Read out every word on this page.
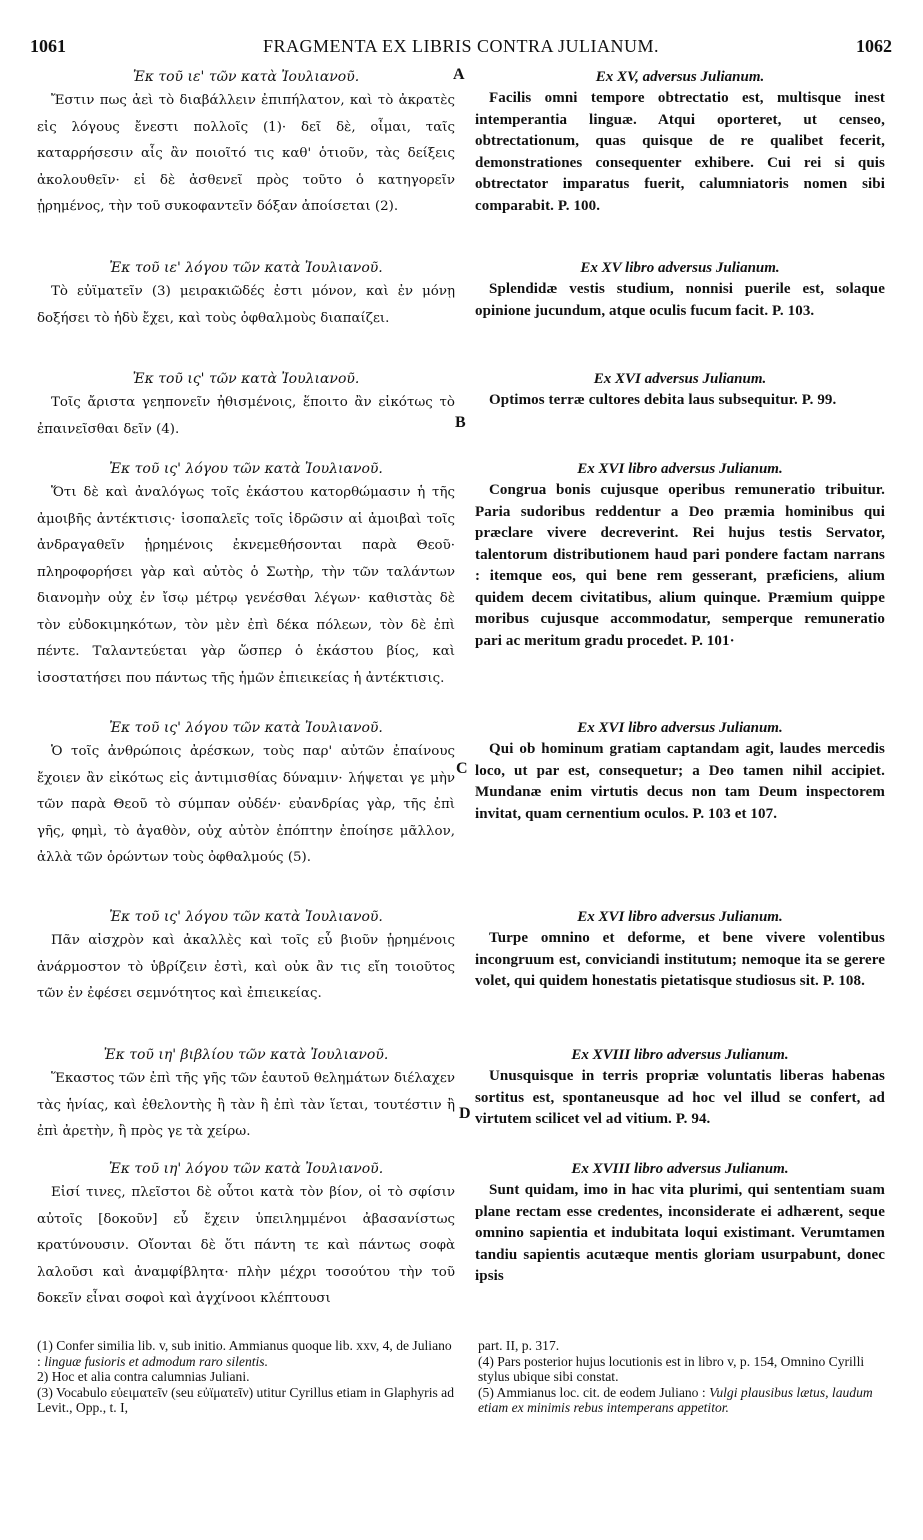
1061	FRAGMENTA EX LIBRIS CONTRA JULIANUM.	1062
A
B
C
D

Ἐκ τοῦ ιε' τῶν κατὰ Ἰουλιανοῦ.

Ἔστιν πως ἀεὶ τὸ διαβάλλειν ἐπιπήλατον, καὶ τὸ ἀκρατὲς εἰς λόγους ἔνεστι πολλοῖς (1)· δεῖ δὲ, οἶμαι, ταῖς καταρρήσεσιν αἷς ἂν ποιοῖτό τις καθ' ὁτιοῦν, τὰς δείξεις ἀκολουθεῖν· εἰ δὲ ἀσθενεῖ πρὸς τοῦτο ὁ κατηγορεῖν ᾑρημένος, τὴν τοῦ συκοφαντεῖν δόξαν ἀποίσεται (2).

Ἐκ τοῦ ιε' λόγου τῶν κατὰ Ἰουλιανοῦ.

Τὸ εὐϊματεῖν (3) μειρακιῶδές ἐστι μόνον, καὶ ἐν μόνῃ δοξήσει τὸ ἡδὺ ἔχει, καὶ τοὺς ὀφθαλμοὺς διαπαίζει.

Ἐκ τοῦ ις' τῶν κατὰ Ἰουλιανοῦ.

Τοῖς ἄριστα γεηπονεῖν ἠθισμένοις, ἕποιτο ἂν εἰκότως τὸ ἐπαινεῖσθαι δεῖν (4).

Ἐκ τοῦ ις' λόγου τῶν κατὰ Ἰουλιανοῦ.

Ὅτι δὲ καὶ ἀναλόγως τοῖς ἑκάστου κατορθώμασιν ἡ τῆς ἀμοιβῆς ἀντέκτισις· ἰσοπαλεῖς τοῖς ἱδρῶσιν αἱ ἀμοιβαὶ τοῖς ἀνδραγαθεῖν ᾑρημένοις ἐκνεμεθήσονται παρὰ Θεοῦ· πληροφορήσει γὰρ καὶ αὐτὸς ὁ Σωτὴρ, τὴν τῶν ταλάντων διανομὴν οὐχ ἐν ἴσῳ μέτρῳ γενέσθαι λέγων· καθιστὰς δὲ τὸν εὐδοκιμηκότων, τὸν μὲν ἐπὶ δέκα πόλεων, τὸν δὲ ἐπὶ πέντε. Ταλαντεύεται γὰρ ὥσπερ ὁ ἑκάστου βίος, καὶ ἰσοστατήσει που πάντως τῆς ἡμῶν ἐπιεικείας ἡ ἀντέκτισις.

Ἐκ τοῦ ις' λόγου τῶν κατὰ Ἰουλιανοῦ.

Ὁ τοῖς ἀνθρώποις ἀρέσκων, τοὺς παρ' αὐτῶν ἐπαίνους ἔχοιεν ἂν εἰκότως εἰς ἀντιμισθίας δύναμιν· λήψεται γε μὴν τῶν παρὰ Θεοῦ τὸ σύμπαν οὐδέν· εὐανδρίας γὰρ, τῆς ἐπὶ γῆς, φημὶ, τὸ ἀγαθὸν, οὐχ αὐτὸν ἐπόπτην ἐποίησε μᾶλλον, ἀλλὰ τῶν ὁρώντων τοὺς ὀφθαλμούς (5).

Ἐκ τοῦ ις' λόγου τῶν κατὰ Ἰουλιανοῦ.

Πᾶν αἰσχρὸν καὶ ἀκαλλὲς καὶ τοῖς εὖ βιοῦν ᾑρημένοις ἀνάρμοστον τὸ ὑβρίζειν ἐστὶ, καὶ οὐκ ἂν τις εἴη τοιοῦτος τῶν ἐν ἐφέσει σεμνότητος καὶ ἐπιεικείας.

Ἐκ τοῦ ιη' βιβλίου τῶν κατὰ Ἰουλιανοῦ.

Ἕκαστος τῶν ἐπὶ τῆς γῆς τῶν ἑαυτοῦ θελημάτων διέλαχεν τὰς ἡνίας, καὶ ἐθελοντὴς ἢ τὰν ἢ ἐπὶ τὰν ἵεται, τουτέστιν ἢ ἐπὶ ἀρετὴν, ἢ πρὸς γε τὰ χείρω.

Ἐκ τοῦ ιη' λόγου τῶν κατὰ Ἰουλιανοῦ.

Εἰσί τινες, πλεῖστοι δὲ οὗτοι κατὰ τὸν βίον, οἱ τὸ σφίσιν αὐτοῖς [δοκοῦν] εὖ ἔχειν ὑπειλημμένοι ἀβασανίστως κρατύνουσιν. Οἴονται δὲ ὅτι πάντη τε καὶ πάντως σοφὰ λαλοῦσι καὶ ἀναμφίβλητα· πλὴν μέχρι τοσούτου τὴν τοῦ δοκεῖν εἶναι σοφοὶ καὶ ἀγχίνοοι κλέπτουσι

Ex XV, adversus Julianum.

Facilis omni tempore obtrectatio est, multisque inest intemperantia linguæ. Atqui oporteret, ut censeo, obtrectationum, quas quisque de re qualibet fecerit, demonstrationes consequenter exhibere. Cui rei si quis obtrectator imparatus fuerit, calumniatoris nomen sibi comparabit. P. 100.

Ex XV libro adversus Julianum.

Splendidæ vestis studium, nonnisi puerile est, solaque opinione jucundum, atque oculis fucum facit. P. 103.

Ex XVI adversus Julianum.

Optimos terræ cultores debita laus subsequitur. P. 99.

Ex XVI libro adversus Julianum.

Congrua bonis cujusque operibus remuneratio tribuitur. Paria sudoribus reddentur a Deo præmia hominibus qui præclare vivere decreverint. Rei hujus testis Servator, talentorum distributionem haud pari pondere factam narrans : itemque eos, qui bene rem gesserant, præficiens, alium quidem decem civitatibus, alium quinque. Præmium quippe moribus cujusque accommodatur, semperque remuneratio pari ac meritum gradu procedet. P. 101·

Ex XVI libro adversus Julianum.

Qui ob hominum gratiam captandam agit, laudes mercedis loco, ut par est, consequetur; a Deo tamen nihil accipiet. Mundanæ enim virtutis decus non tam Deum inspectorem invitat, quam cernentium oculos. P. 103 et 107.

Ex XVI libro adversus Julianum.

Turpe omnino et deforme, et bene vivere volentibus incongruum est, conviciandi institutum; nemoque ita se gerere volet, qui quidem honestatis pietatisque studiosus sit. P. 108.

Ex XVIII libro adversus Julianum.

Unusquisque in terris propriæ voluntatis liberas habenas sortitus est, spontaneusque ad hoc vel illud se confert, ad virtutem scilicet vel ad vitium. P. 94.

Ex XVIII libro adversus Julianum.

Sunt quidam, imo in hac vita plurimi, qui sententiam suam plane rectam esse credentes, inconsiderate ei adhærent, seque omnino sapientia et indubitata loqui existimant. Verumtamen tandiu sapientis acutæque mentis gloriam usurpabunt, donec ipsis

(1) Confer similia lib. v, sub initio. Ammianus quoque lib. xxv, 4, de Juliano : linguæ fusioris et admodum raro silentis.

2) Hoc et alia contra calumnias Juliani.

(3) Vocabulo εὐειματεῖν (seu εὐϊματεῖν) utitur Cyrillus etiam in Glaphyris ad Levit., Opp., t. I,

part. II, p. 317.

(4) Pars posterior hujus locutionis est in libro v, p. 154, Omnino Cyrilli stylus ubique sibi constat.

(5) Ammianus loc. cit. de eodem Juliano : Vulgi plausibus lætus, laudum etiam ex minimis rebus intemperans appetitor.
